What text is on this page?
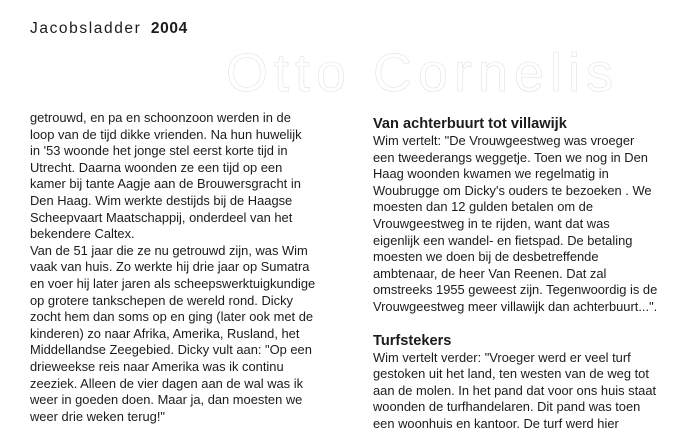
Jacobsladder 2004
Otto Cornelis
getrouwd, en pa en schoonzoon werden in de
loop van de tijd dikke vrienden. Na hun huwelijk
in '53 woonde het jonge stel eerst korte tijd in
Utrecht. Daarna woonden ze een tijd op een
kamer bij tante Aagje aan de Brouwersgracht in
Den Haag. Wim werkte destijds bij de Haagse
Scheepvaart Maatschappij, onderdeel van het
bekendere Caltex.
Van de 51 jaar die ze nu getrouwd zijn, was Wim
vaak van huis. Zo werkte hij drie jaar op Sumatra
en voer hij later jaren als scheepswerktuigkundige
op grotere tankschepen de wereld rond. Dicky
zocht hem dan soms op en ging (later ook met de
kinderen) zo naar Afrika, Amerika, Rusland, het
Middellandse Zeegebied. Dicky vult aan: "Op een
drieweekse reis naar Amerika was ik continu
zeeziek. Alleen de vier dagen aan de wal was ik
weer in goeden doen. Maar ja, dan moesten we
weer drie weken terug!"
Van achterbuurt tot villawijk
Wim vertelt: "De Vrouwgeestweg was vroeger
een tweederangs weggetje. Toen we nog in Den
Haag woonden kwamen we regelmatig in
Woubrugge om Dicky's ouders te bezoeken . We
moesten dan 12 gulden betalen om de
Vrouwgeestweg in te rijden, want dat was
eigenlijk een wandel- en fietspad. De betaling
moesten we doen bij de desbetreffende
ambtenaar, de heer Van Reenen. Dat zal
omstreeks 1955 geweest zijn. Tegenwoordig is de
Vrouwgeestweg meer villawijk dan achterbuurt...".
Turfstekers
Wim vertelt verder: "Vroeger werd er veel turf
gestoken uit het land, ten westen van de weg tot
aan de molen. In het pand dat voor ons huis staat
woonden de turfhandelaren. Dit pand was toen
een woonhuis en kantoor. De turf werd hier
